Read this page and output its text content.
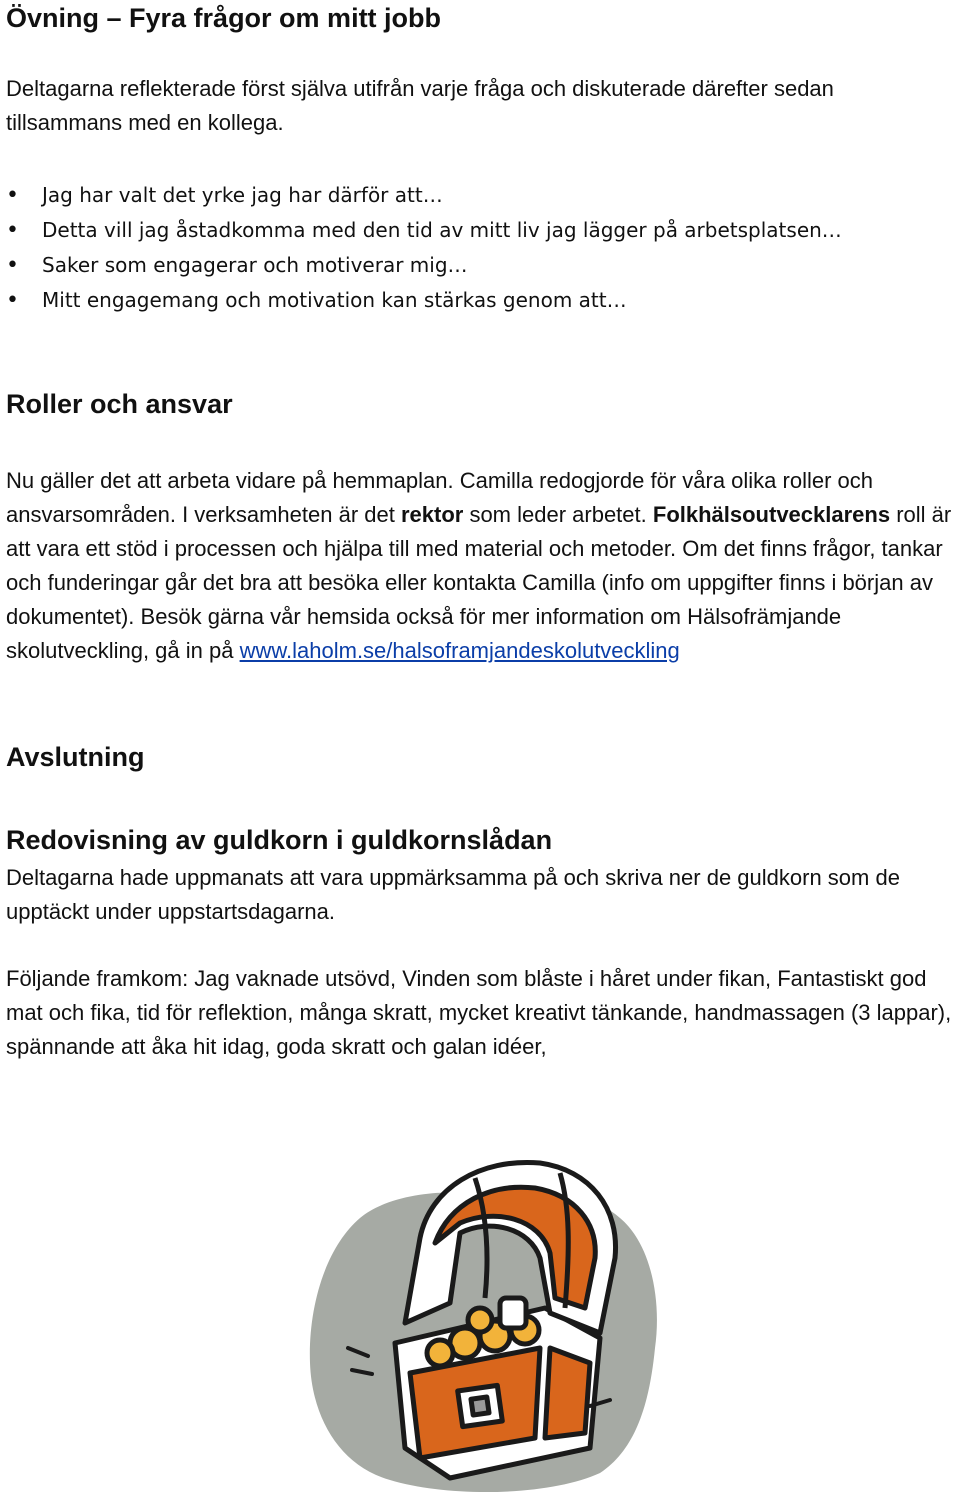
Övning – Fyra frågor om mitt jobb

Deltagarna reflekterade först själva utifrån varje fråga och diskuterade därefter sedan tillsammans med en kollega.

• Jag har valt det yrke jag har därför att…
• Detta vill jag åstadkomma med den tid av mitt liv jag lägger på arbetsplatsen…
• Saker som engagerar och motiverar mig…
• Mitt engagemang och motivation kan stärkas genom att…
Roller och ansvar

Nu gäller det att arbeta vidare på hemmaplan. Camilla redogjorde för våra olika roller och ansvarsområden. I verksamheten är det rektor som leder arbetet. Folkhälsoutvecklarens roll är att vara ett stöd i processen och hjälpa till med material och metoder. Om det finns frågor, tankar och funderingar går det bra att besöka eller kontakta Camilla (info om uppgifter finns i början av dokumentet). Besök gärna vår hemsida också för mer information om Hälsofrämjande skolutveckling, gå in på www.laholm.se/halsoframjandeskolutveckling

Avslutning
Redovisning av guldkorn i guldkornslådan

Deltagarna hade uppmanats att vara uppmärksamma på och skriva ner de guldkorn som de upptäckt under uppstartsdagarna.

Följande framkom: Jag vaknade utsövd, Vinden som blåste i håret under fikan, Fantastiskt god mat och fika, tid för reflektion, många skratt, mycket kreativt tänkande, handmassagen (3 lappar), spännande att åka hit idag, goda skratt och galan idéer,
